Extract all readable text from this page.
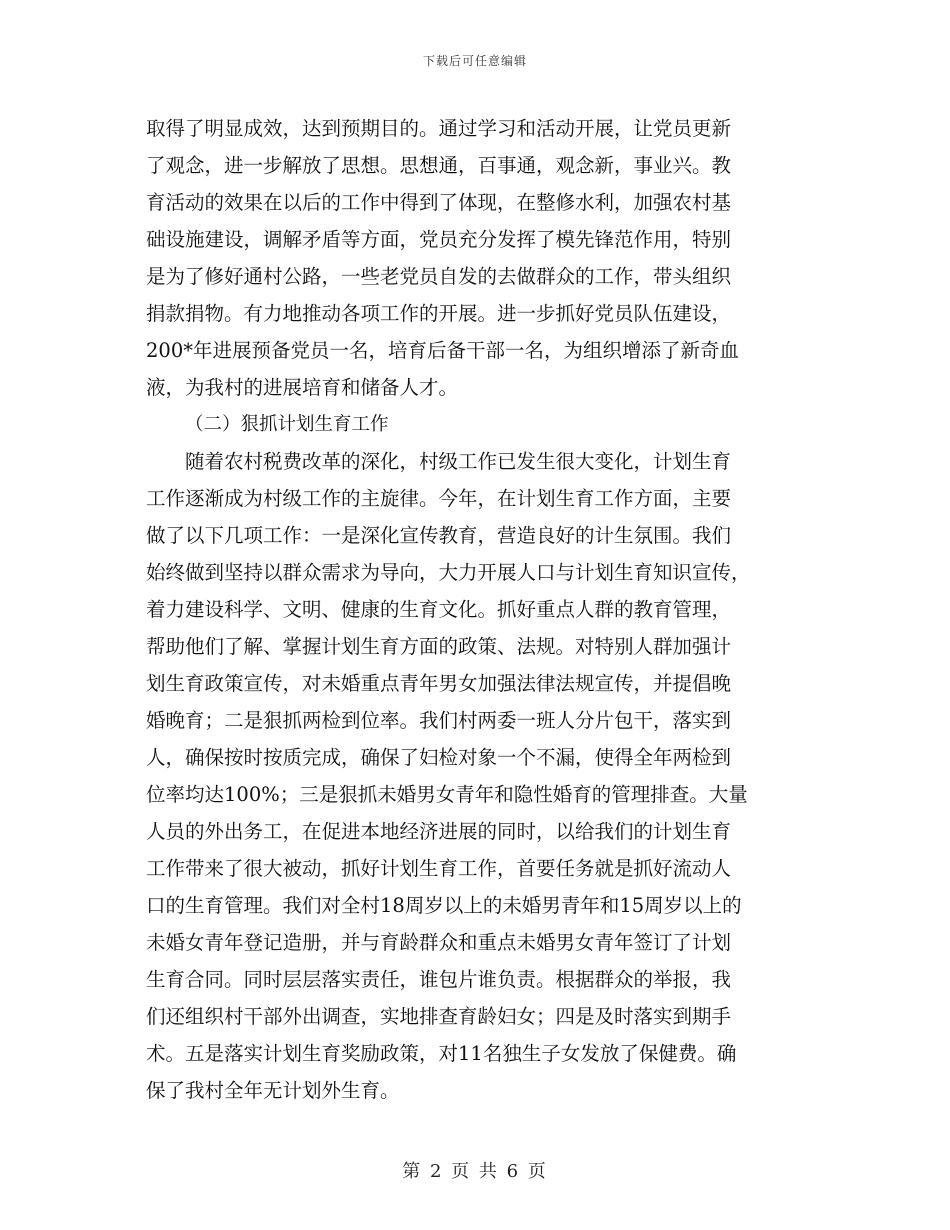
下载后可任意编辑
取得了明显成效，达到预期目的。通过学习和活动开展，让党员更新
了观念，进一步解放了思想。思想通，百事通，观念新，事业兴。教
育活动的效果在以后的工作中得到了体现，在整修水利，加强农村基
础设施建设，调解矛盾等方面，党员充分发挥了模先锋范作用，特别
是为了修好通村公路，一些老党员自发的去做群众的工作，带头组织
捐款捐物。有力地推动各项工作的开展。进一步抓好党员队伍建设，
200*年进展预备党员一名，培育后备干部一名，为组织增添了新奇血
液，为我村的进展培育和储备人才。
（二）狠抓计划生育工作
　　随着农村税费改革的深化，村级工作已发生很大变化，计划生育
工作逐渐成为村级工作的主旋律。今年，在计划生育工作方面，主要
做了以下几项工作：一是深化宣传教育，营造良好的计生氛围。我们
始终做到坚持以群众需求为导向，大力开展人口与计划生育知识宣传，
着力建设科学、文明、健康的生育文化。抓好重点人群的教育管理，
帮助他们了解、掌握计划生育方面的政策、法规。对特别人群加强计
划生育政策宣传，对未婚重点青年男女加强法律法规宣传，并提倡晚
婚晚育；二是狠抓两检到位率。我们村两委一班人分片包干，落实到
人，确保按时按质完成，确保了妇检对象一个不漏，使得全年两检到
位率均达100%；三是狠抓未婚男女青年和隐性婚育的管理排查。大量
人员的外出务工，在促进本地经济进展的同时，以给我们的计划生育
工作带来了很大被动，抓好计划生育工作，首要任务就是抓好流动人
口的生育管理。我们对全村18周岁以上的未婚男青年和15周岁以上的
未婚女青年登记造册，并与育龄群众和重点未婚男女青年签订了计划
生育合同。同时层层落实责任，谁包片谁负责。根据群众的举报，我
们还组织村干部外出调查，实地排查育龄妇女；四是及时落实到期手
术。五是落实计划生育奖励政策，对11名独生子女发放了保健费。确
保了我村全年无计划外生育。
第 2 页 共 6 页
